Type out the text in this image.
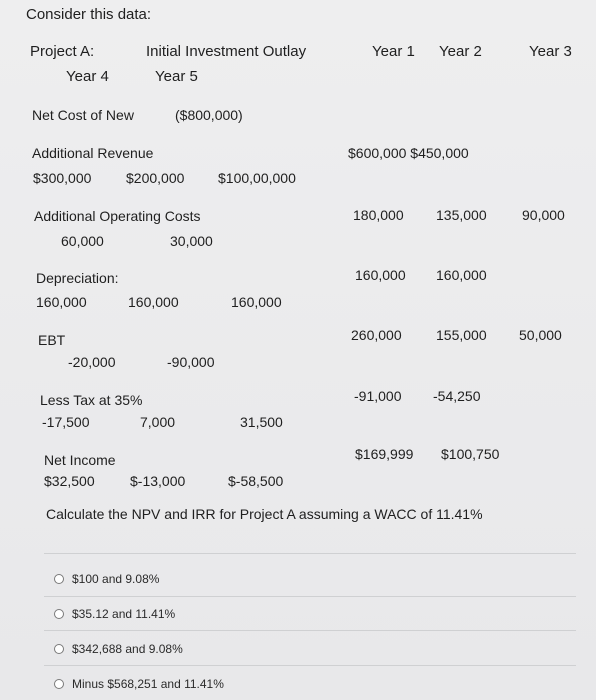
Consider this data:
Project A:	Initial Investment Outlay	Year 1 Year 2	Year 3
Year 4	Year 5
Net Cost of New	($800,000)
Additional Revenue	$600,000 $450,000
$300,000 $200,000 $100,00,000
Additional Operating Costs	180,000 135,000	90,000
60,000	30,000
Depreciation:	160,000 160,000
160,000	160,000	160,000
EBT	260,000 155,000 50,000
-20,000	-90,000
Less Tax at 35%	-91,000 -54,250
-17,500	7,000	31,500
Net Income	$169,999 $100,750
$32,500	$-13,000	$-58,500
Calculate the NPV and IRR for Project A assuming a WACC of 11.41%
$100 and 9.08%
$35.12 and 11.41%
$342,688 and 9.08%
Minus $568,251 and 11.41%
